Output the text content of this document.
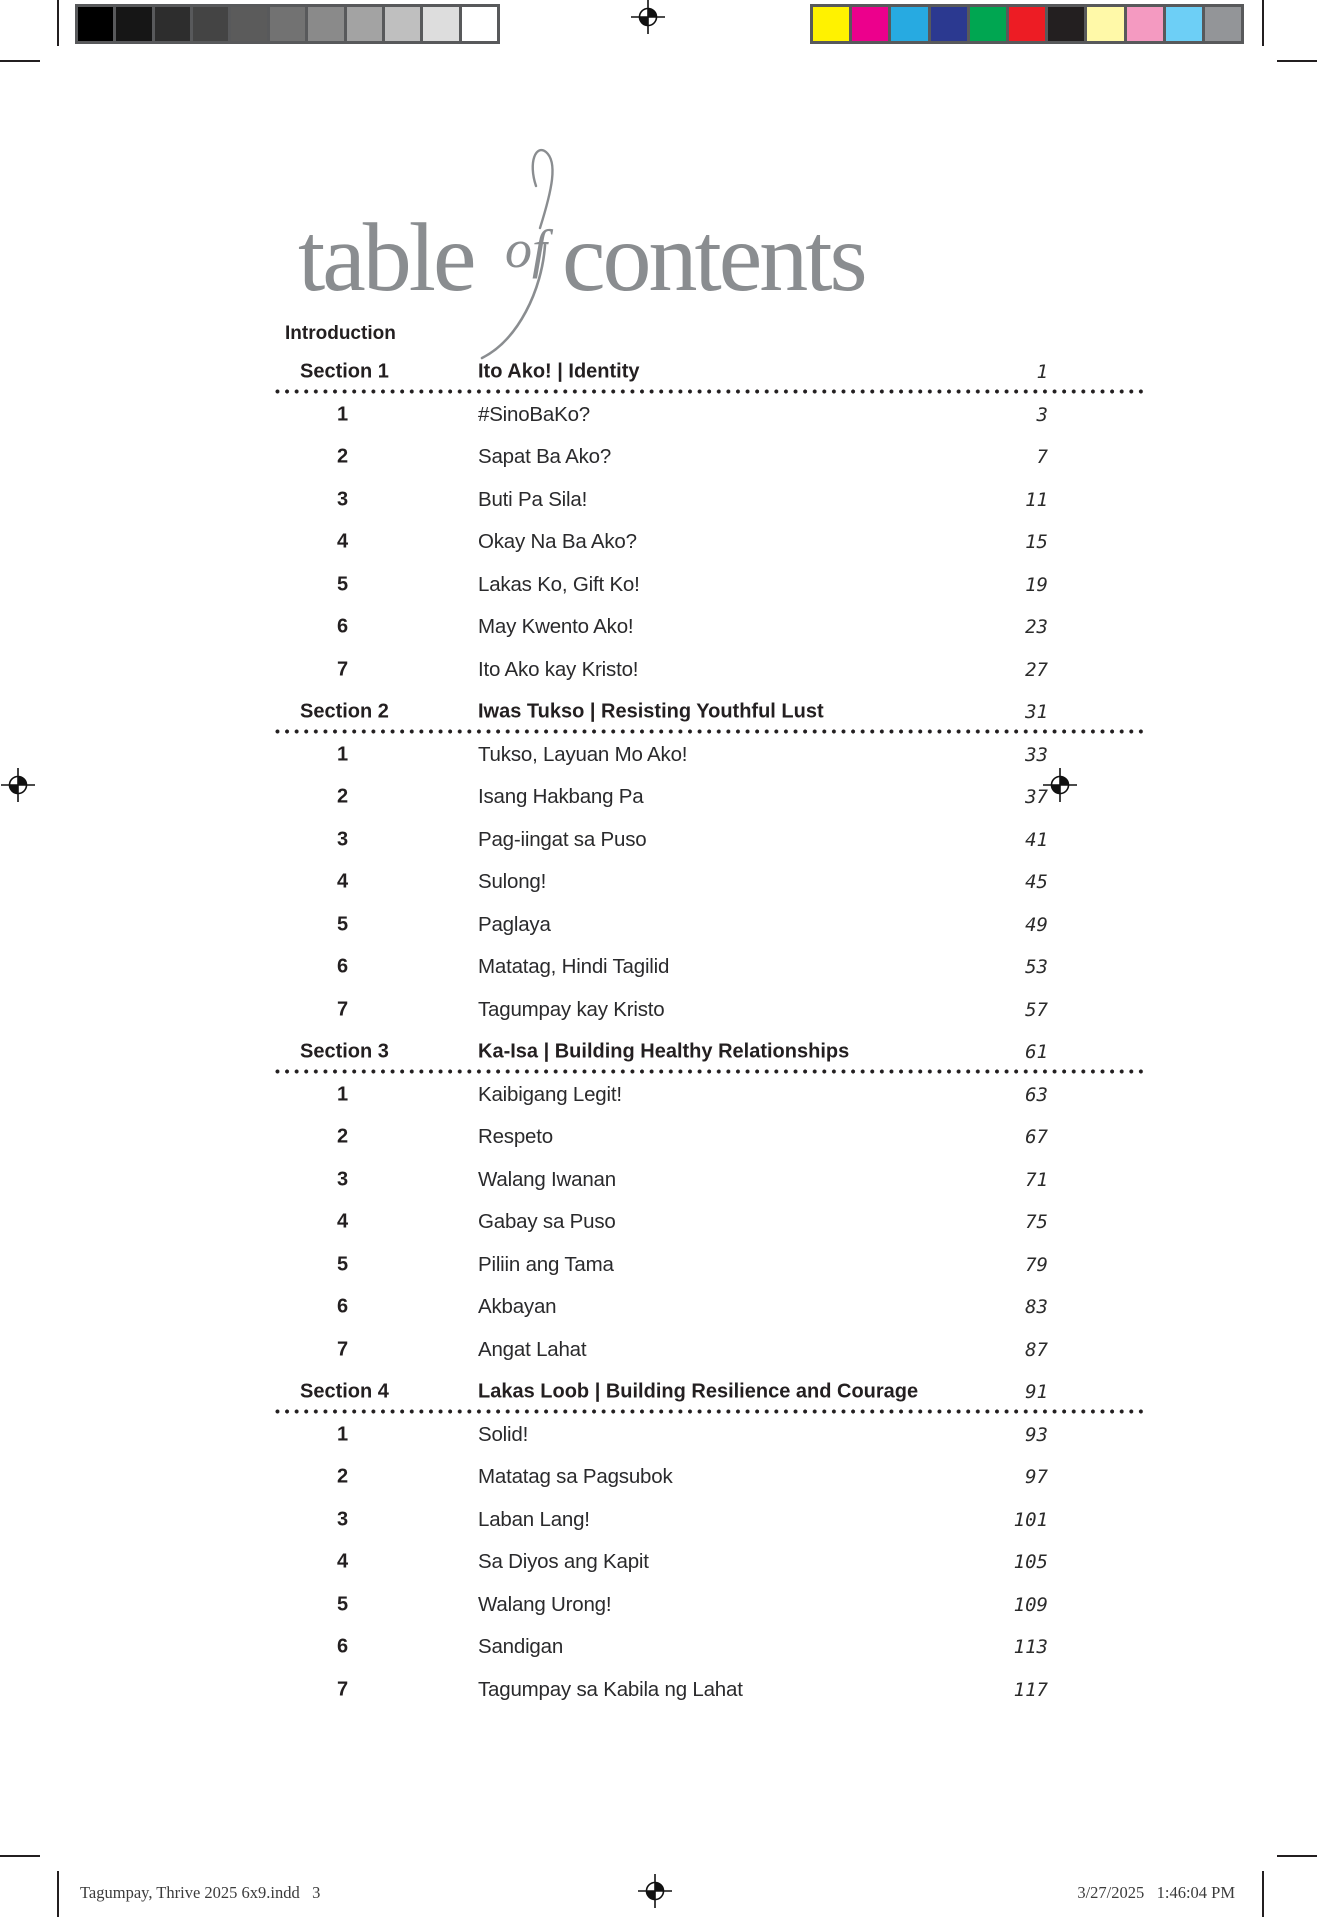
table of contents
Introduction
Section 1	Ito Ako! | Identity	1
1	#SinoBaKo?	3
2	Sapat Ba Ako?	7
3	Buti Pa Sila!	11
4	Okay Na Ba Ako?	15
5	Lakas Ko, Gift Ko!	19
6	May Kwento Ako!	23
7	Ito Ako kay Kristo!	27
Section 2	Iwas Tukso | Resisting Youthful Lust	31
1	Tukso, Layuan Mo Ako!	33
2	Isang Hakbang Pa	37
3	Pag-iingat sa Puso	41
4	Sulong!	45
5	Paglaya	49
6	Matatag, Hindi Tagilid	53
7	Tagumpay kay Kristo	57
Section 3	Ka-Isa | Building Healthy Relationships	61
1	Kaibigang Legit!	63
2	Respeto	67
3	Walang Iwanan	71
4	Gabay sa Puso	75
5	Piliin ang Tama	79
6	Akbayan	83
7	Angat Lahat	87
Section 4	Lakas Loob | Building Resilience and Courage	91
1	Solid!	93
2	Matatag sa Pagsubok	97
3	Laban Lang!	101
4	Sa Diyos ang Kapit	105
5	Walang Urong!	109
6	Sandigan	113
7	Tagumpay sa Kabila ng Lahat	117
Tagumpay, Thrive 2025 6x9.indd   3	3/27/2025   1:46:04 PM
